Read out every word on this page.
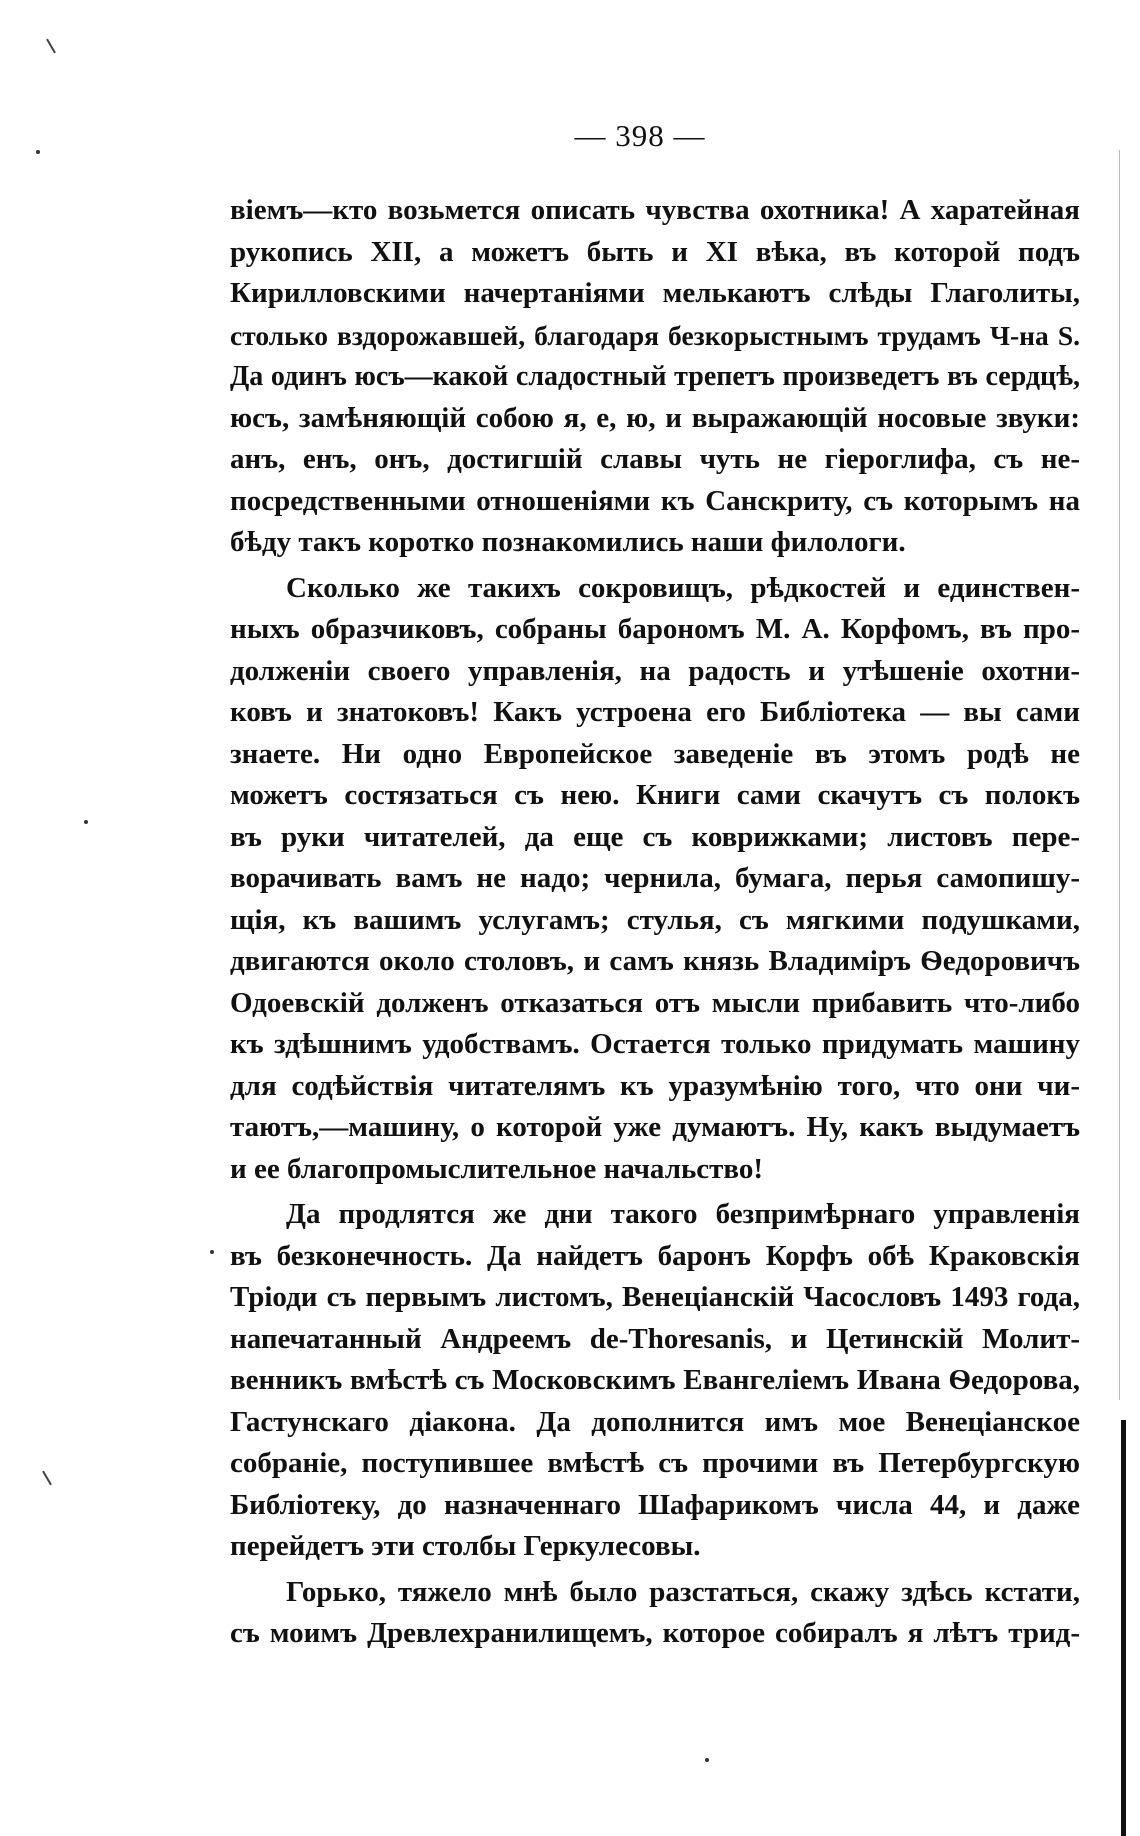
— 398 —
віемъ—кто возьмется описать чувства охотника! А харатейная
рукопись XII, а можетъ быть и XI вѣка, въ которой подъ
Кирилловскими начертаніями мелькаютъ слѣды Глаголиты,
столько вздорожавшей, благодаря безкорыстнымъ трудамъ Ч-на S.
Да одинъ юсъ—какой сладостный трепетъ произведетъ въ сердцѣ,
юсъ, замѣняющій собою я, е, ю, и выражающій носовые звуки:
анъ, енъ, онъ, достигшій славы чуть не гіероглифа, съ не-
посредственными отношеніями къ Санскриту, съ которымъ на
бѣду такъ коротко познакомились наши филологи.
Сколько же такихъ сокровищъ, рѣдкостей и единствен-
ныхъ образчиковъ, собраны барономъ М. А. Корфомъ, въ про-
долженіи своего управленія, на радость и утѣшеніе охотни-
ковъ и знатоковъ! Какъ устроена его Библіотека — вы сами
знаете. Ни одно Европейское заведеніе въ этомъ родѣ не
можетъ состязаться съ нею. Книги сами скачутъ съ полокъ
въ руки читателей, да еще съ коврижками; листовъ пере-
ворачивать вамъ не надо; чернила, бумага, перья самопишу-
щія, къ вашимъ услугамъ; стулья, съ мягкими подушками,
двигаются около столовъ, и самъ князь Владиміръ Ѳедоровичъ
Одоевскій долженъ отказаться отъ мысли прибавить что-либо
къ здѣшнимъ удобствамъ. Остается только придумать машину
для содѣйствія читателямъ къ уразумѣнію того, что они чи-
таютъ,—машину, о которой уже думаютъ. Ну, какъ выдумаетъ
и ее благопромыслительное начальство!
Да продлятся же дни такого безпримѣрнаго управленія
въ безконечность. Да найдетъ баронъ Корфъ обѣ Краковскія
Тріоди съ первымъ листомъ, Венеціанскій Часословъ 1493 года,
напечатанный Андреемъ de-Thoresanis, и Цетинскій Молит-
венникъ вмѣстѣ съ Московскимъ Евангеліемъ Ивана Ѳедорова,
Гастунскаго діакона. Да дополнится имъ мое Венеціанское
собраніе, поступившее вмѣстѣ съ прочими въ Петербургскую
Библіотеку, до назначеннаго Шафарикомъ числа 44, и даже
перейдетъ эти столбы Геркулесовы.
Горько, тяжело мнѣ было разстаться, скажу здѣсь кстати,
съ моимъ Древлехранилищемъ, которое собиралъ я лѣтъ трид-
